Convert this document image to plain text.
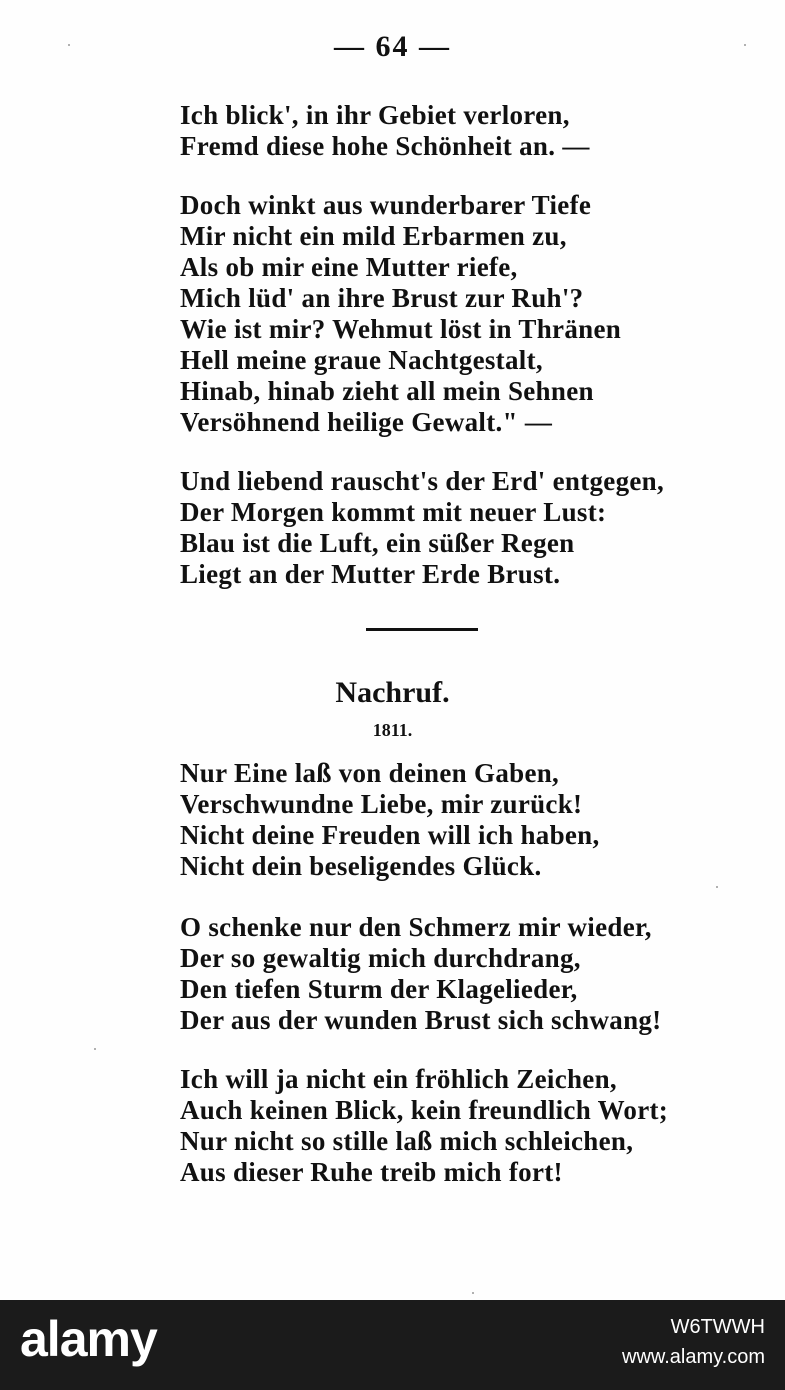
— 64 —
Ich blick', in ihr Gebiet verloren,
Fremd diese hohe Schönheit an. —
Doch winkt aus wunderbarer Tiefe
Mir nicht ein mild Erbarmen zu,
Als ob mir eine Mutter riefe,
Mich lüd' an ihre Brust zur Ruh'?
Wie ist mir? Wehmut löst in Thränen
Hell meine graue Nachtgestalt,
Hinab, hinab zieht all mein Sehnen
Versöhnend heilige Gewalt." —
Und liebend rauscht's der Erd' entgegen,
Der Morgen kommt mit neuer Lust:
Blau ist die Luft, ein süßer Regen
Liegt an der Mutter Erde Brust.
Nachruf.
1811.
Nur Eine laß von deinen Gaben,
Verschwundne Liebe, mir zurück!
Nicht deine Freuden will ich haben,
Nicht dein beseligendes Glück.
O schenke nur den Schmerz mir wieder,
Der so gewaltig mich durchdrang,
Den tiefen Sturm der Klagelieder,
Der aus der wunden Brust sich schwang!
Ich will ja nicht ein fröhlich Zeichen,
Auch keinen Blick, kein freundlich Wort;
Nur nicht so stille laß mich schleichen,
Aus dieser Ruhe treib mich fort!
alamy	W6TWWH
www.alamy.com
